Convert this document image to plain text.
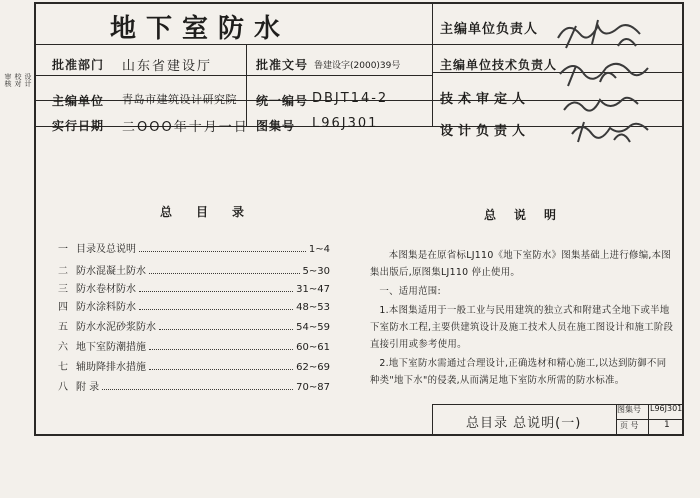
审核 校对 设计
地下室防水
批准部门 山东省建设厅	批准文号 鲁建设字(2000)39号
主编单位 青岛市建筑设计研究院 统一编号 DBJT14-2
实行日期 二OOO年十月一日 图集号 L96J301
主编单位负责人
主编单位技术负责人
技术审定人
设计负责人
总目录
一 目录及总说明	1~4
二 防水混凝土防水	5~30
三 防水卷材防水	31~47
四 防水涂料防水	48~53
五 防水水泥砂浆防水	54~59
六 地下室防潮措施	60~61
七 辅助降排水措施	62~69
八 附 录	70~87
总说明
本图集是在原省标LJ110《地下室防水》图集基础上进行修编,本图集出版后,原图集LJ110 停止使用。
一、适用范围:
1.本图集适用于一般工业与民用建筑的独立式和附建式全地下或半地下室防水工程,主要供建筑设计及施工技术人员在施工图设计和施工阶段直接引用或参考使用。
2.地下室防水需通过合理设计,正确选材和精心施工,以达到防御不同种类"地下水"的侵袭,从而满足地下室防水所需的防水标准。
总目录 总说明(一)
图集号 L96J301
页 号	1
